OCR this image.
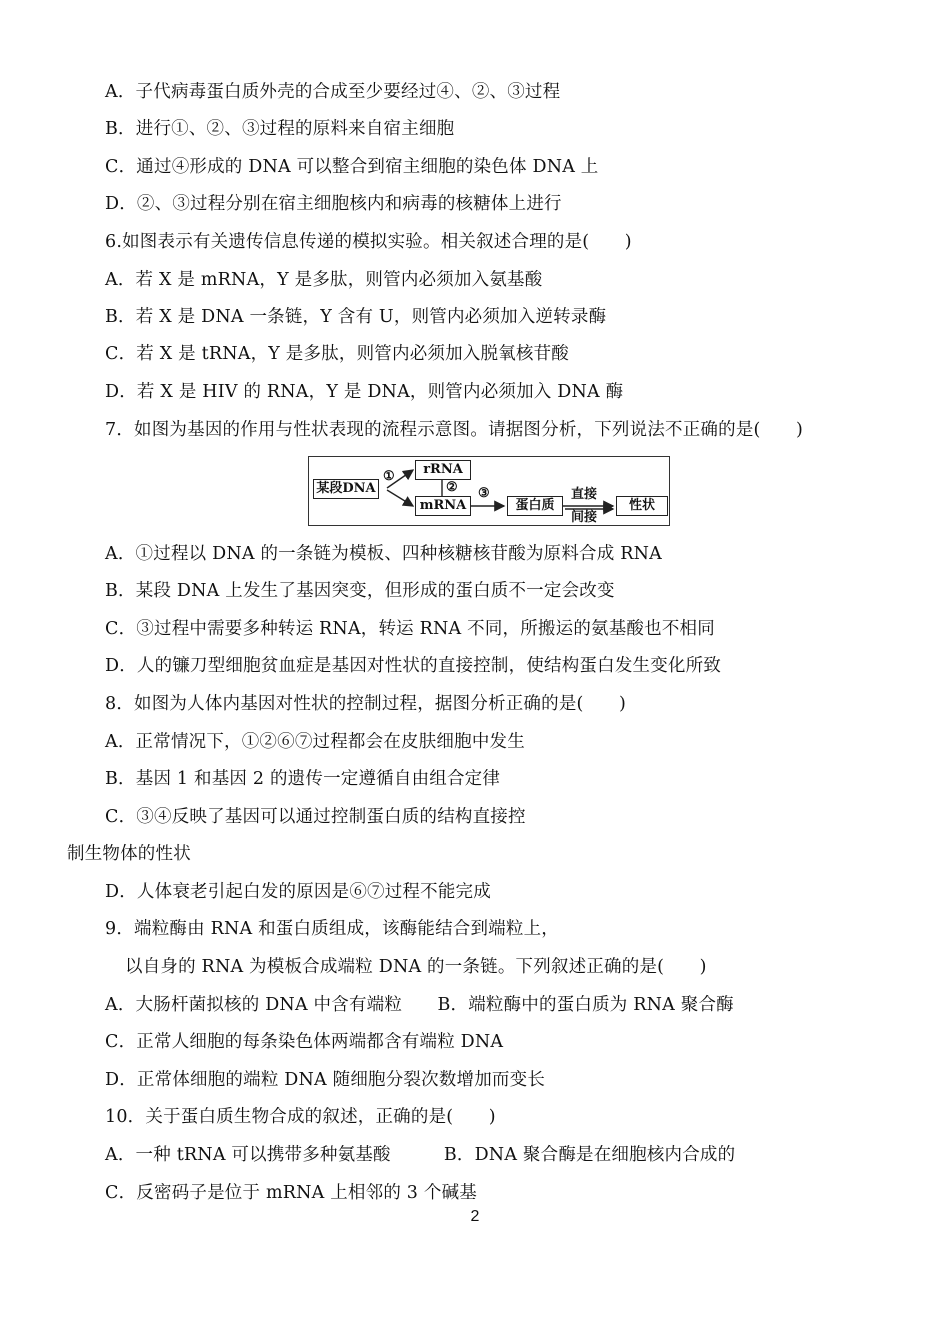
A．子代病毒蛋白质外壳的合成至少要经过④、②、③过程
B．进行①、②、③过程的原料来自宿主细胞
C．通过④形成的 DNA 可以整合到宿主细胞的染色体 DNA 上
D．②、③过程分别在宿主细胞核内和病毒的核糖体上进行
6.如图表示有关遗传信息传递的模拟实验。相关叙述合理的是(　　)
A．若 X 是 mRNA，Y 是多肽，则管内必须加入氨基酸
B．若 X 是 DNA 一条链，Y 含有 U，则管内必须加入逆转录酶
C．若 X 是 tRNA，Y 是多肽，则管内必须加入脱氧核苷酸
D．若 X 是 HIV 的 RNA，Y 是 DNA，则管内必须加入 DNA 酶
7．如图为基因的作用与性状表现的流程示意图。请据图分析，下列说法不正确的是(　　)
某段DNA
①	rRNA
②
mRNA
③
蛋白质
直接
间接
性状
A．①过程以 DNA 的一条链为模板、四种核糖核苷酸为原料合成 RNA
B．某段 DNA 上发生了基因突变，但形成的蛋白质不一定会改变
C．③过程中需要多种转运 RNA，转运 RNA 不同，所搬运的氨基酸也不相同
D．人的镰刀型细胞贫血症是基因对性状的直接控制，使结构蛋白发生变化所致
8．如图为人体内基因对性状的控制过程，据图分析正确的是(　　)
A．正常情况下，①②⑥⑦过程都会在皮肤细胞中发生
B．基因 1 和基因 2 的遗传一定遵循自由组合定律
C．③④反映了基因可以通过控制蛋白质的结构直接控
制生物体的性状
D．人体衰老引起白发的原因是⑥⑦过程不能完成
9．端粒酶由 RNA 和蛋白质组成，该酶能结合到端粒上，
以自身的 RNA 为模板合成端粒 DNA 的一条链。下列叙述正确的是(　　)
A．大肠杆菌拟核的 DNA 中含有端粒　　B．端粒酶中的蛋白质为 RNA 聚合酶
C．正常人细胞的每条染色体两端都含有端粒 DNA
D．正常体细胞的端粒 DNA 随细胞分裂次数增加而变长
10．关于蛋白质生物合成的叙述，正确的是(　　)
A．一种 tRNA 可以携带多种氨基酸　　　B．DNA 聚合酶是在细胞核内合成的
C．反密码子是位于 mRNA 上相邻的 3 个碱基
2
